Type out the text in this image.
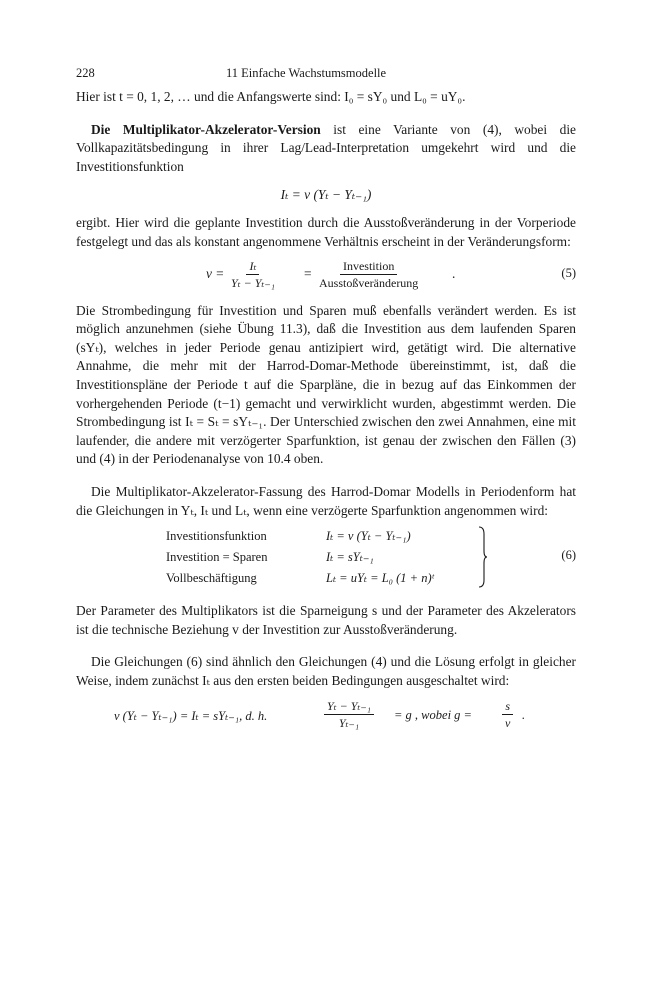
228	11 Einfache Wachstumsmodelle

Hier ist t = 0, 1, 2, … und die Anfangswerte sind: I₀ = sY₀ und L₀ = uY₀.

Die Multiplikator-Akzelerator-Version ist eine Variante von (4), wobei die Vollkapazitätsbedingung in ihrer Lag/Lead-Interpretation umgekehrt wird und die Investitionsfunktion

Iₜ = v (Yₜ − Yₜ₋₁)

ergibt. Hier wird die geplante Investition durch die Ausstoßveränderung in der Vorperiode festgelegt und das als konstant angenommene Verhältnis erscheint in der Veränderungsform:

$v = \frac{\text{Iₜ}}{\text{Yₜ − Yₜ₋₁}}$ =	Investition
Ausstoßveränderung
.	(5)

Die Strombedingung für Investition und Sparen muß ebenfalls verändert werden. Es ist möglich anzunehmen (siehe Übung 11.3), daß die Investition aus dem laufenden Sparen (sYₜ), welches in jeder Periode genau antizipiert wird, getätigt wird. Die alternative Annahme, die mehr mit der Harrod-Domar-Methode übereinstimmt, ist, daß die Investitionspläne der Periode t auf die Sparpläne, die in bezug auf das Einkommen der vorhergehenden Periode (t−1) gemacht und verwirklicht wurden, abgestimmt werden. Die Strombedingung ist Iₜ = Sₜ = sYₜ₋₁. Der Unterschied zwischen den zwei Annahmen, eine mit laufender, die andere mit verzögerter Sparfunktion, ist genau der zwischen den Fällen (3) und (4) in der Periodenanalyse von 10.4 oben.

Die Multiplikator-Akzelerator-Fassung des Harrod-Domar Modells in Periodenform hat die Gleichungen in Yₜ, Iₜ und Lₜ, wenn eine verzögerte Sparfunktion angenommen wird:

Investitionsfunktion	Iₜ = v (Yₜ − Yₜ₋₁)
Investition = Sparen	Iₜ = sYₜ₋₁
Vollbeschäftigung	Lₜ = uYₜ = L₀ (1 + n)ᵗ
(6)

Der Parameter des Multiplikators ist die Sparneigung s und der Parameter des Akzelerators ist die technische Beziehung v der Investition zur Ausstoßveränderung.

Die Gleichungen (6) sind ähnlich den Gleichungen (4) und die Lösung erfolgt in gleicher Weise, indem zunächst Iₜ aus den ersten beiden Bedingungen ausgeschaltet wird:

v (Yₜ − Yₜ₋₁) = Iₜ = sYₜ₋₁, d. h.	$\frac{\text{Yₜ − Yₜ₋₁}}{\text{Yₜ₋₁}} = g$ , wobei g =	$\frac{s}{v}$ .
